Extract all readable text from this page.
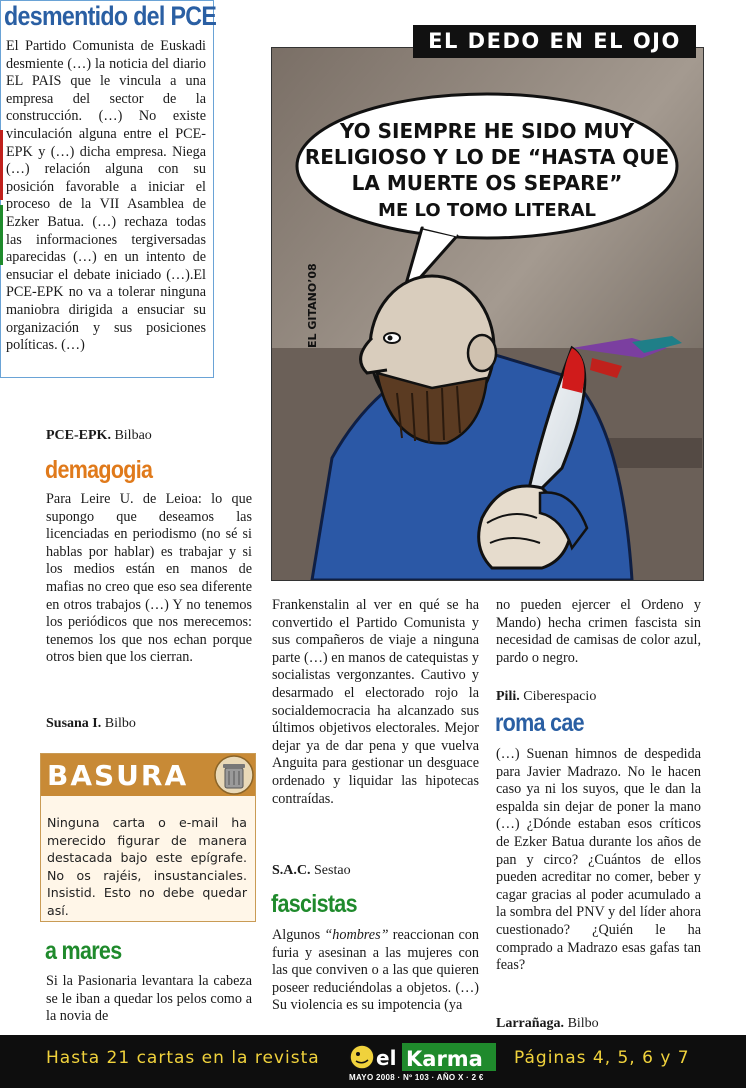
desmentido del PCE

El Partido Comunista de Euskadi desmiente (…) la noticia del diario EL PAIS que le vincula a una empresa del sector de la construcción. (…) No existe vinculación alguna entre el PCE-EPK y (…) dicha empresa. Niega (…) relación alguna con su posición favorable a iniciar el proceso de la VII Asamblea de Ezker Batua. (…) rechaza todas las informaciones tergiversadas aparecidas (…) en un intento de ensuciar el debate iniciado (…).El PCE-EPK no va a tolerar ninguna maniobra dirigida a ensuciar su organización y sus posiciones políticas. (…)

PCE-EPK. Bilbao
demagogia

Para Leire U. de Leioa: lo que supongo que deseamos las licenciadas en periodismo (no sé si hablas por hablar) es trabajar y si los medios están en manos de mafias no creo que eso sea diferente en otros trabajos (…) Y no tenemos los periódicos que nos merecemos: tenemos los que nos echan porque otros bien que los cierran.

Susana I. Bilbo
BASURA
Ninguna carta o e-mail ha merecido figurar de manera destacada bajo este epígrafe. No os rajéis, insustanciales. Insistid. Esto no debe quedar así.
a mares

Si la Pasionaria levantara la cabeza se le iban a quedar los pelos como a la novia de

YO SIEMPRE HE SIDO MUY
RELIGIOSO Y LO DE “HASTA QUE
LA MUERTE OS SEPARE”
ME LO TOMO LITERAL
EL GITANO’08
EL DEDO EN EL OJO

Frankenstalin al ver en qué se ha convertido el Partido Comunista y sus compañeros de viaje a ninguna parte (…) en manos de catequistas y socialistas vergonzantes. Cautivo y desarmado el electorado rojo la socialdemocracia ha alcanzado sus últimos objetivos electorales. Mejor dejar ya de dar pena y que vuelva Anguita para gestionar un desguace ordenado y liquidar las hipotecas contraídas.

S.A.C. Sestao
fascistas

Algunos “hombres” reaccionan con furia y asesinan a las mujeres con las que conviven o a las que quieren poseer reduciéndolas a objetos. (…) Su violencia es su impotencia (ya

no pueden ejercer el Ordeno y Mando) hecha crimen fascista sin necesidad de camisas de color azul, pardo o negro.

Pili. Ciberespacio
roma cae

(…) Suenan himnos de despedida para Javier Madrazo. No le hacen caso ya ni los suyos, que le dan la espalda sin dejar de poner la mano (…) ¿Dónde estaban esos críticos de Ezker Batua durante los años de pan y circo? ¿Cuántos de ellos pueden acreditar no comer, beber y cagar gracias al poder acumulado a la sombra del PNV y del líder ahora cuestionado? ¿Quién le ha comprado a Madrazo esas gafas tan feas?

Larrañaga. Bilbo
Hasta 21 cartas en la revista	Páginas 4, 5, 6 y 7
el Karma
MAYO 2008 · Nº 103 · AÑO X · 2 €
